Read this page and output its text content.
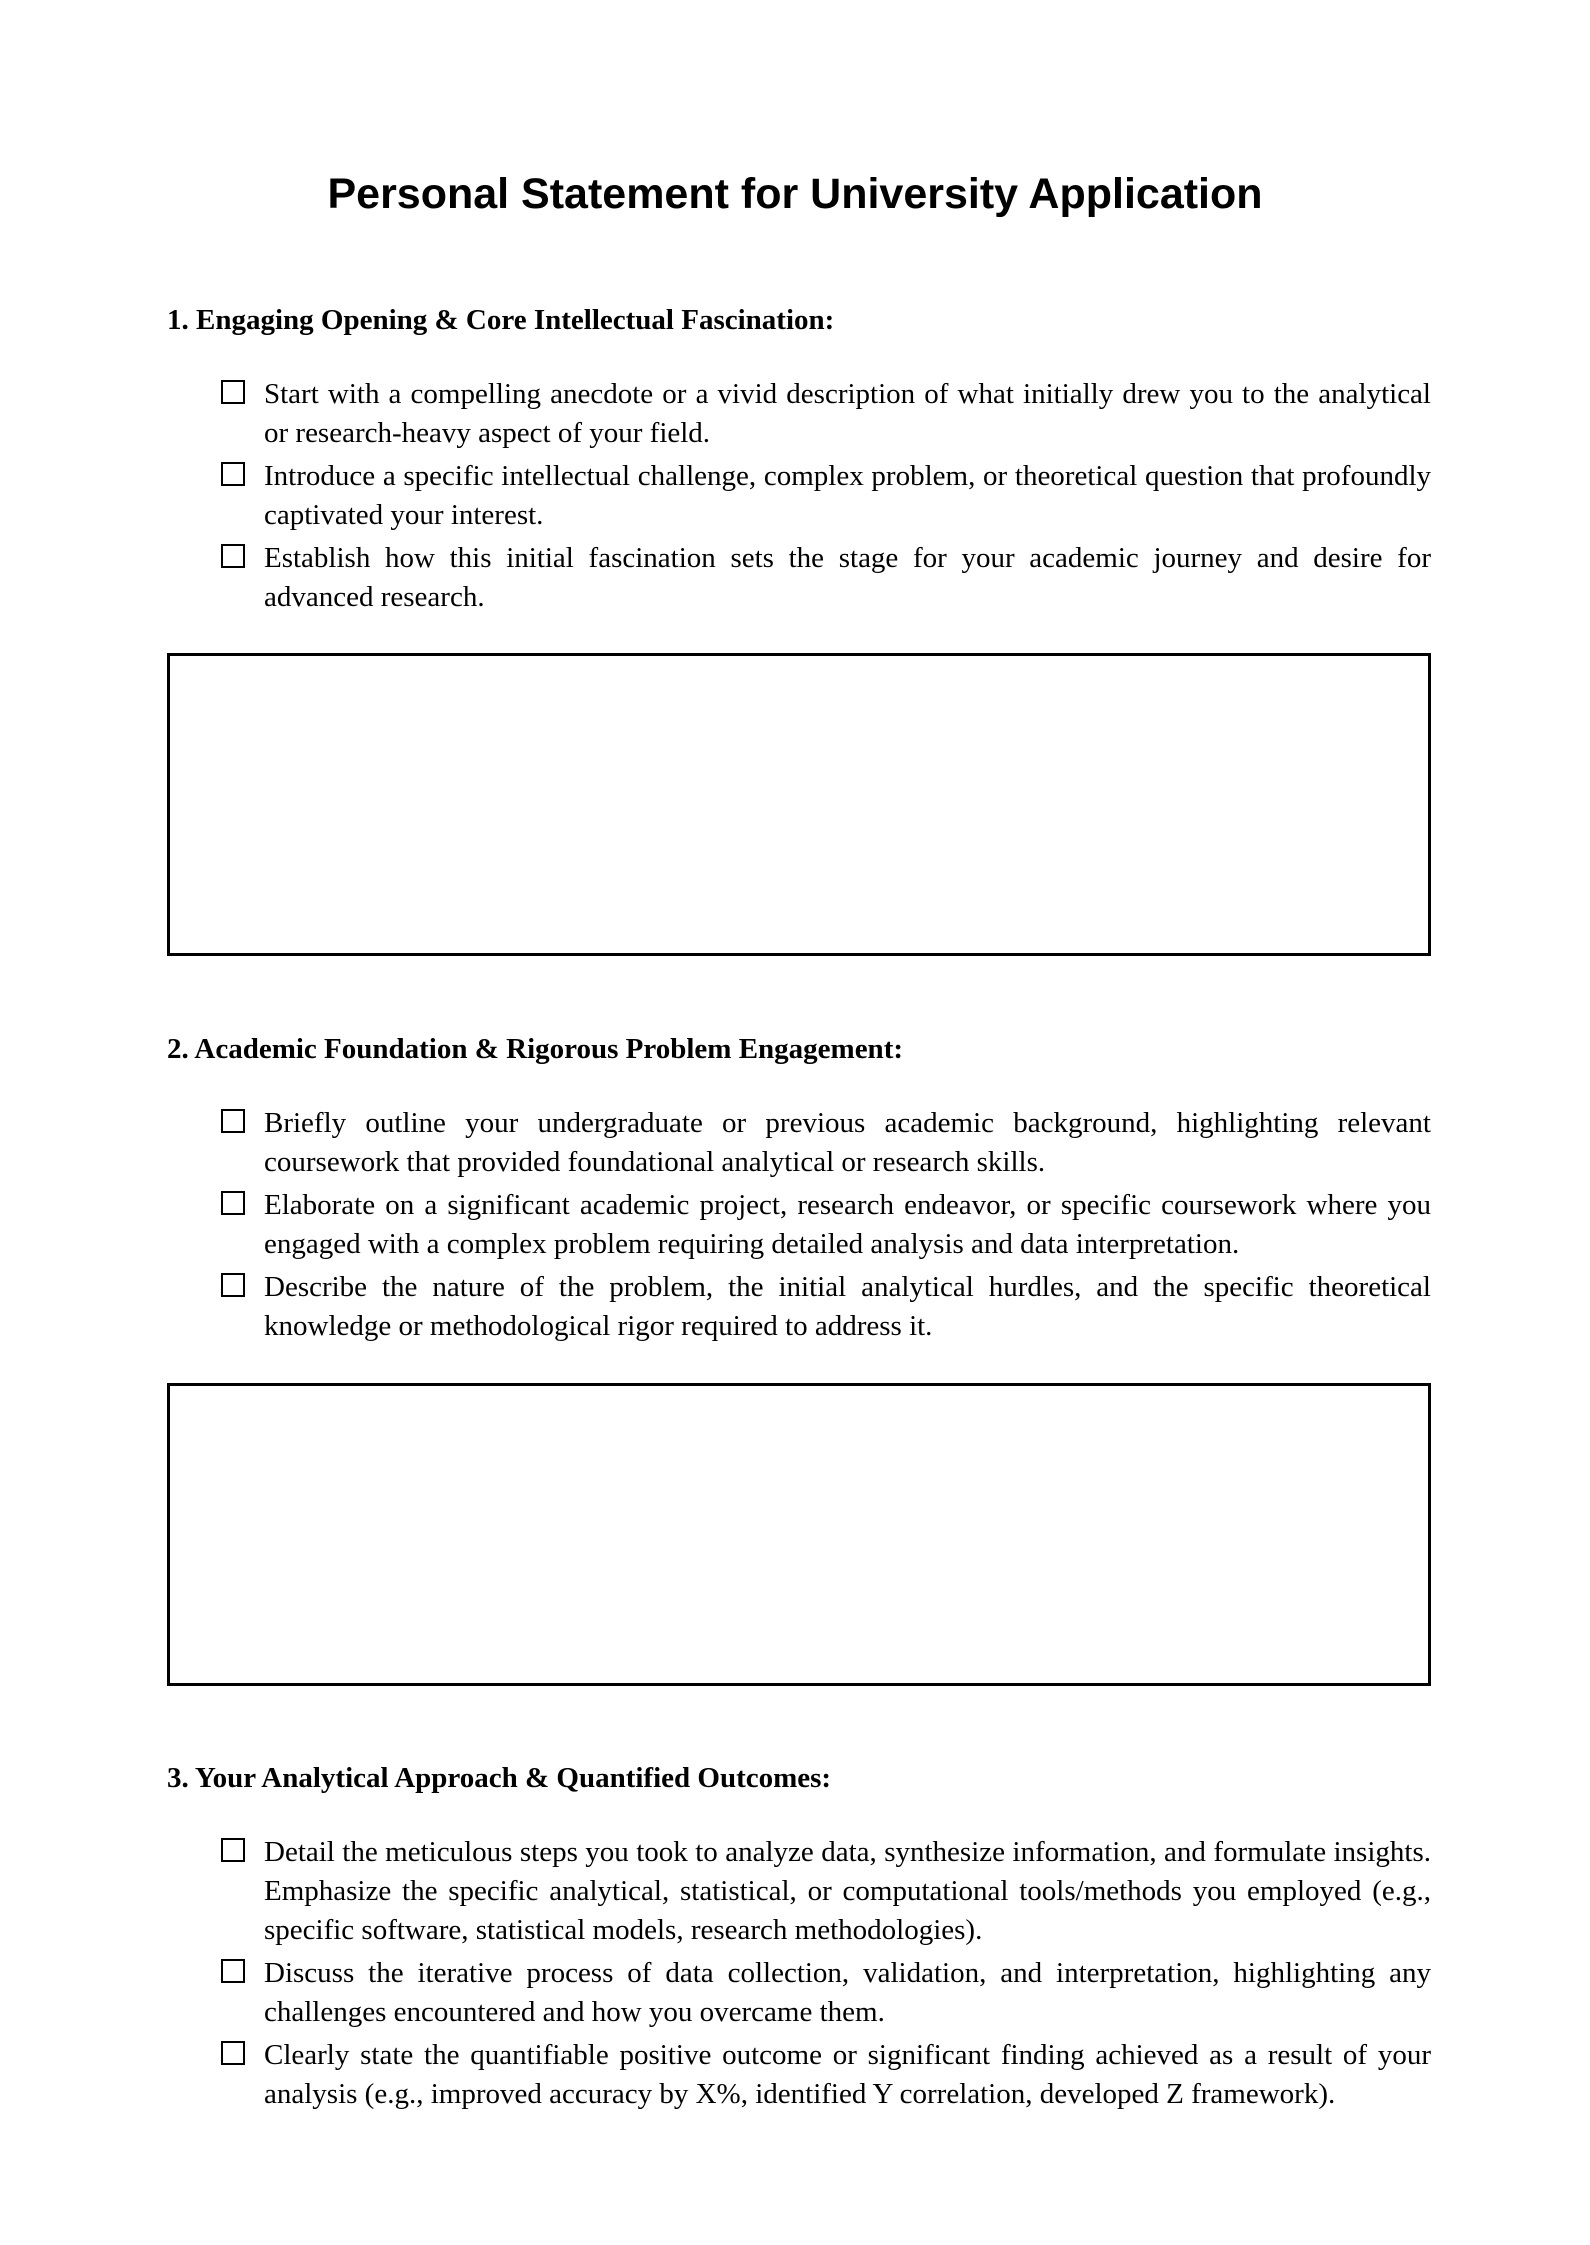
Personal Statement for University Application
1. Engaging Opening & Core Intellectual Fascination:
Start with a compelling anecdote or a vivid description of what initially drew you to the analytical or research-heavy aspect of your field.
Introduce a specific intellectual challenge, complex problem, or theoretical question that profoundly captivated your interest.
Establish how this initial fascination sets the stage for your academic journey and desire for advanced research.
2. Academic Foundation & Rigorous Problem Engagement:
Briefly outline your undergraduate or previous academic background, highlighting relevant coursework that provided foundational analytical or research skills.
Elaborate on a significant academic project, research endeavor, or specific coursework where you engaged with a complex problem requiring detailed analysis and data interpretation.
Describe the nature of the problem, the initial analytical hurdles, and the specific theoretical knowledge or methodological rigor required to address it.
3. Your Analytical Approach & Quantified Outcomes:
Detail the meticulous steps you took to analyze data, synthesize information, and formulate insights. Emphasize the specific analytical, statistical, or computational tools/methods you employed (e.g., specific software, statistical models, research methodologies).
Discuss the iterative process of data collection, validation, and interpretation, highlighting any challenges encountered and how you overcame them.
Clearly state the quantifiable positive outcome or significant finding achieved as a result of your analysis (e.g., improved accuracy by X%, identified Y correlation, developed Z framework).
